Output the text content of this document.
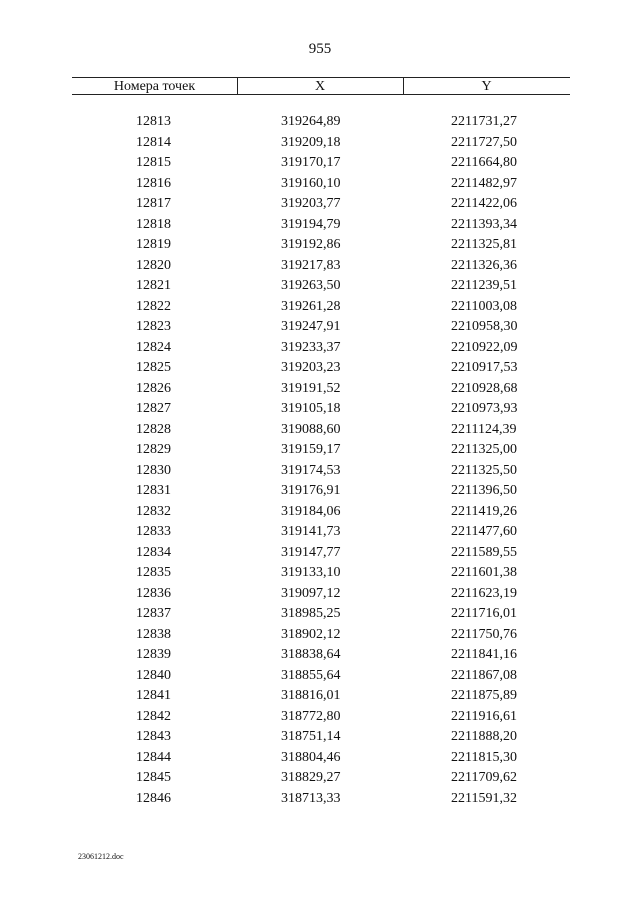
955
Номера точек	X	Y
12813	319264,89	2211731,27
12814	319209,18	2211727,50
12815	319170,17	2211664,80
12816	319160,10	2211482,97
12817	319203,77	2211422,06
12818	319194,79	2211393,34
12819	319192,86	2211325,81
12820	319217,83	2211326,36
12821	319263,50	2211239,51
12822	319261,28	2211003,08
12823	319247,91	2210958,30
12824	319233,37	2210922,09
12825	319203,23	2210917,53
12826	319191,52	2210928,68
12827	319105,18	2210973,93
12828	319088,60	2211124,39
12829	319159,17	2211325,00
12830	319174,53	2211325,50
12831	319176,91	2211396,50
12832	319184,06	2211419,26
12833	319141,73	2211477,60
12834	319147,77	2211589,55
12835	319133,10	2211601,38
12836	319097,12	2211623,19
12837	318985,25	2211716,01
12838	318902,12	2211750,76
12839	318838,64	2211841,16
12840	318855,64	2211867,08
12841	318816,01	2211875,89
12842	318772,80	2211916,61
12843	318751,14	2211888,20
12844	318804,46	2211815,30
12845	318829,27	2211709,62
12846	318713,33	2211591,32
23061212.doc
